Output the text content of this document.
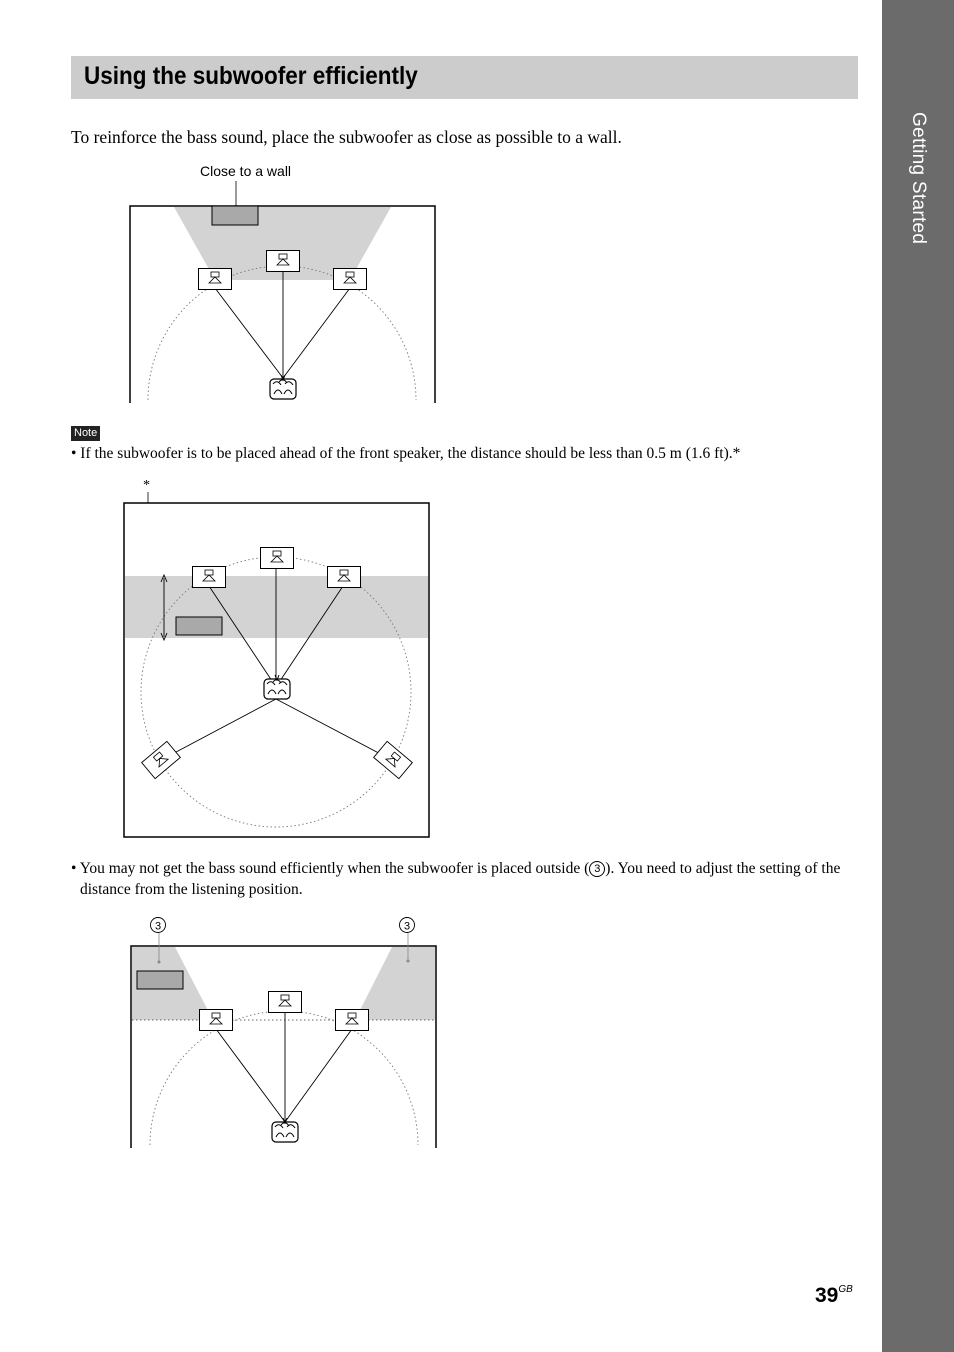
Getting Started
Using the subwoofer efficiently
To reinforce the bass sound, place the subwoofer as close as possible to a wall.
Close to a wall
*
3	3
Note
• If the subwoofer is to be placed ahead of the front speaker, the distance should be less than 0.5 m (1.6 ft).*
• You may not get the bass sound efficiently when the subwoofer is placed outside ( 3 ). You need to adjust the setting of the distance from the listening position.
$39^{GB}$
